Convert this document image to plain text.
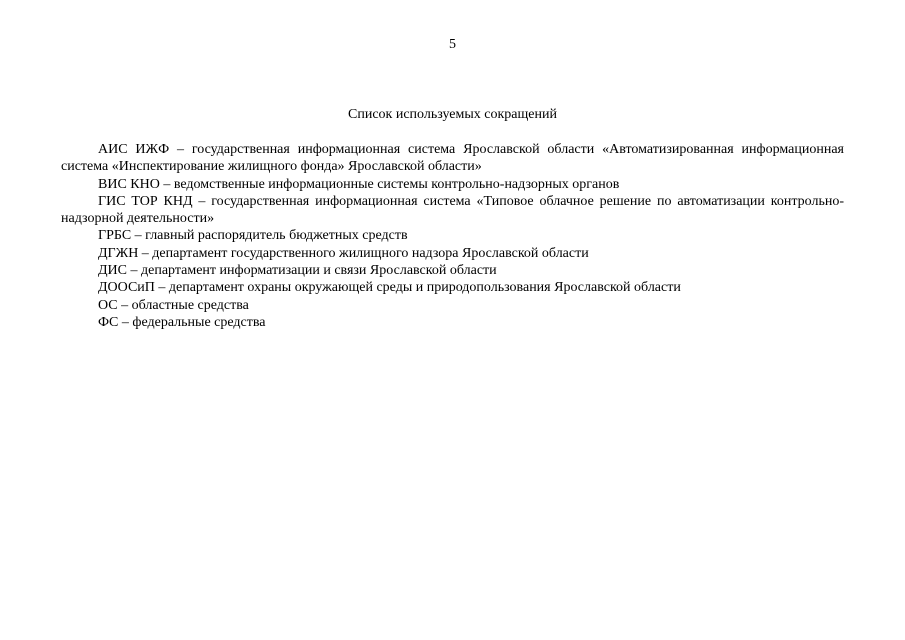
5
Список используемых сокращений

АИС ИЖФ – государственная информационная система Ярославской области «Автоматизированная информационная система «Инспектирование жилищного фонда» Ярославской области»

ВИС КНО – ведомственные информационные системы контрольно-надзорных органов

ГИС ТОР КНД – государственная информационная система «Типовое облачное решение по автоматизации контрольно-надзорной деятельности»

ГРБС – главный распорядитель бюджетных средств

ДГЖН – департамент государственного жилищного надзора Ярославской области

ДИС – департамент информатизации и связи Ярославской области

ДООСиП – департамент охраны окружающей среды и природопользования Ярославской области

ОС – областные средства

ФС – федеральные средства
